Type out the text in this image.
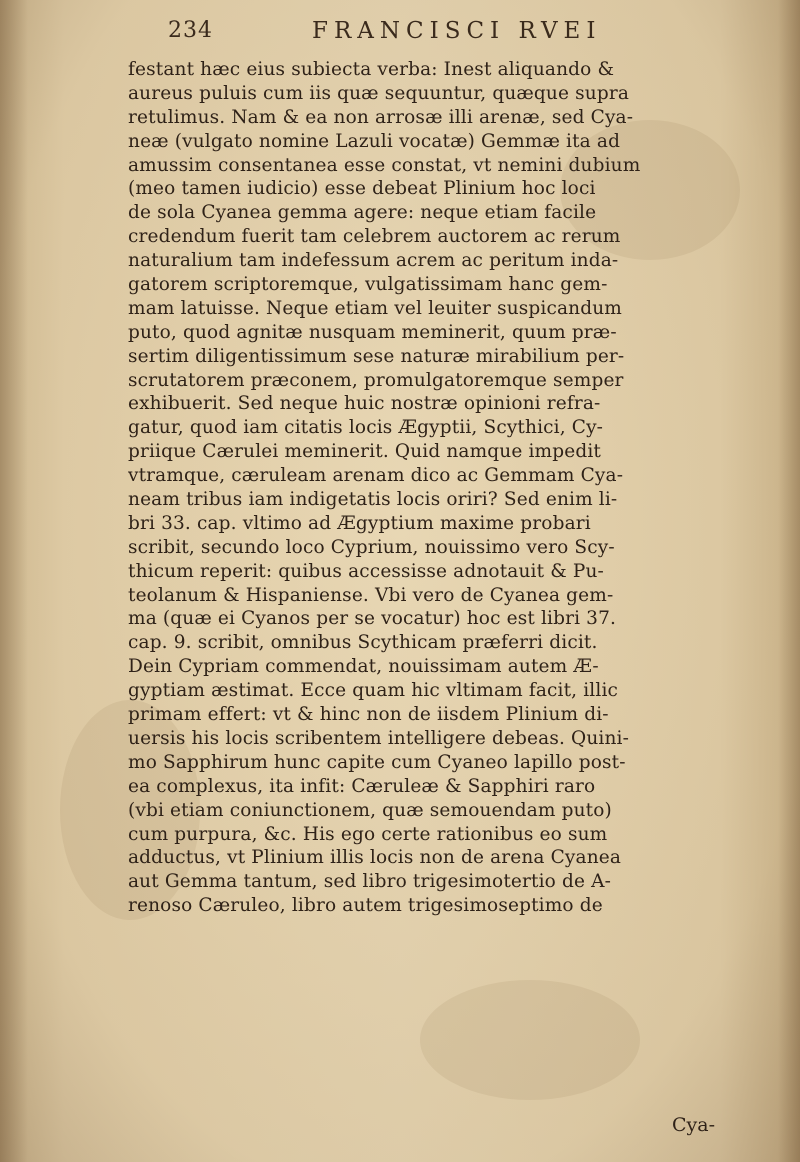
234	FRANCISCI RVEI
festant hæc eius subiecta verba: Inest aliquando &
aureus puluis cum iis quæ sequuntur, quæque supra
retulimus. Nam & ea non arrosæ illi arenæ, sed Cya-
neæ (vulgato nomine Lazuli vocatæ) Gemmæ ita ad
amussim consentanea esse constat, vt nemini dubium
(meo tamen iudicio) esse debeat Plinium hoc loci
de sola Cyanea gemma agere: neque etiam facile
credendum fuerit tam celebrem auctorem ac rerum
naturalium tam indefessum acrem ac peritum inda-
gatorem scriptoremque, vulgatissimam hanc gem-
mam latuisse. Neque etiam vel leuiter suspicandum
puto, quod agnitæ nusquam meminerit, quum præ-
sertim diligentissimum sese naturæ mirabilium per-
scrutatorem præconem, promulgatoremque semper
exhibuerit. Sed neque huic nostræ opinioni refra-
gatur, quod iam citatis locis Ægyptii, Scythici, Cy-
priique Cærulei meminerit. Quid namque impedit
vtramque, cæruleam arenam dico ac Gemmam Cya-
neam tribus iam indigetatis locis oriri? Sed enim li-
bri 33. cap. vltimo ad Ægyptium maxime probari
scribit, secundo loco Cyprium, nouissimo vero Scy-
thicum reperit: quibus accessisse adnotauit & Pu-
teolanum & Hispaniense. Vbi vero de Cyanea gem-
ma (quæ ei Cyanos per se vocatur) hoc est libri 37.
cap. 9. scribit, omnibus Scythicam præferri dicit.
Dein Cypriam commendat, nouissimam autem Æ-
gyptiam æstimat. Ecce quam hic vltimam facit, illic
primam effert: vt & hinc non de iisdem Plinium di-
uersis his locis scribentem intelligere debeas. Quini-
mo Sapphirum hunc capite cum Cyaneo lapillo post-
ea complexus, ita infit: Cæruleæ & Sapphiri raro
(vbi etiam coniunctionem, quæ semouendam puto)
cum purpura, &c. His ego certe rationibus eo sum
adductus, vt Plinium illis locis non de arena Cyanea
aut Gemma tantum, sed libro trigesimotertio de A-
renoso Cæruleo, libro autem trigesimoseptimo de
Cya-
